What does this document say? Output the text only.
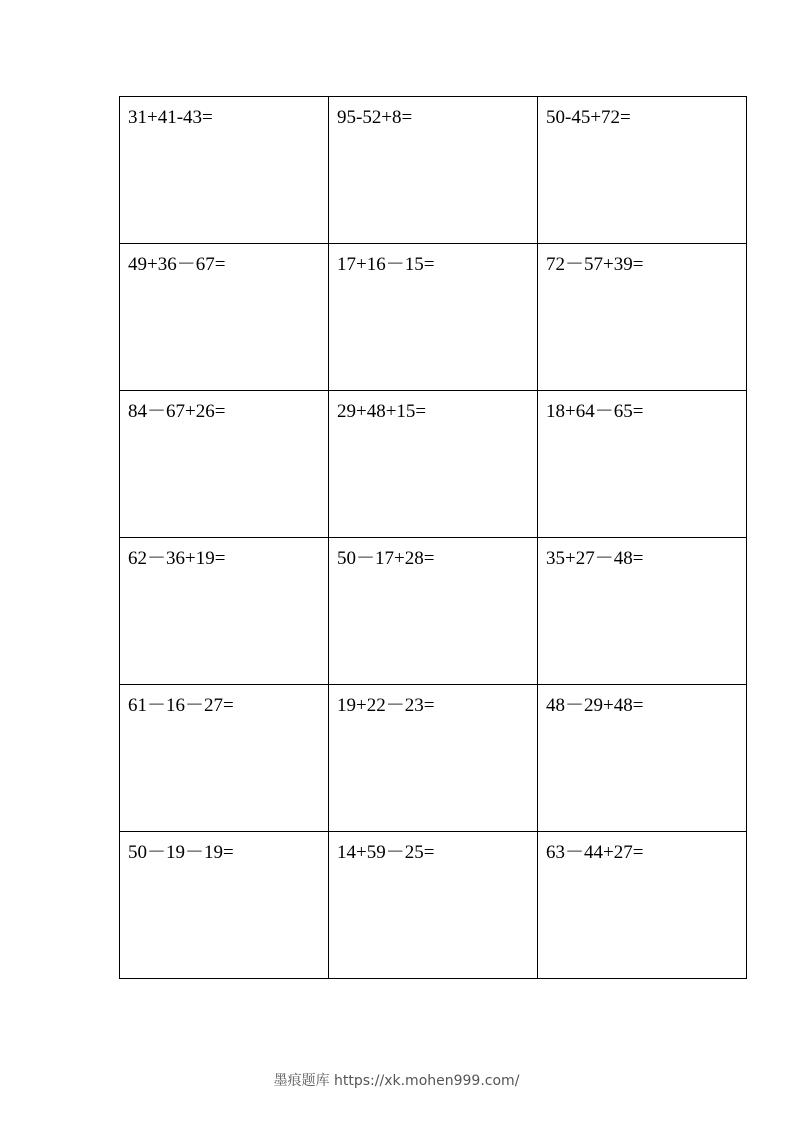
31+41-43=	95-52+8=	50-45+72=
49+36－67=	17+16－15=	72－57+39=
84－67+26=	29+48+15=	18+64－65=
62－36+19=	50－17+28=	35+27－48=
61－16－27=	19+22－23=	48－29+48=
50－19－19=	14+59－25=	63－44+27=
墨痕题库 https://xk.mohen999.com/
